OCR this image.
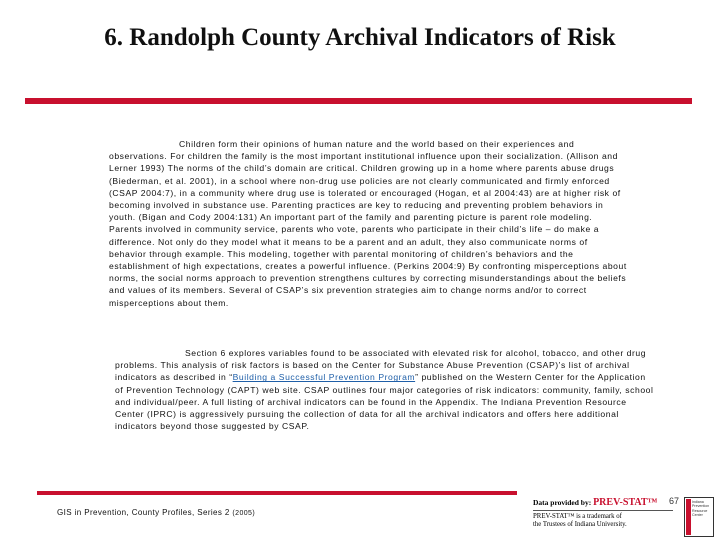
6. Randolph County Archival Indicators of Risk

Children form their opinions of human nature and the world based on their experiences and observations. For children the family is the most important institutional influence upon their socialization. (Allison and Lerner 1993) The norms of the child’s domain are critical. Children growing up in a home where parents abuse drugs (Biederman, et al. 2001), in a school where non-drug use policies are not clearly communicated and firmly enforced (CSAP 2004:7), in a community where drug use is tolerated or encouraged (Hogan, et al 2004:43) are at higher risk of becoming involved in substance use. Parenting practices are key to reducing and preventing problem behaviors in youth. (Bigan and Cody 2004:131) An important part of the family and parenting picture is parent role modeling. Parents involved in community service, parents who vote, parents who participate in their child’s life – do make a difference. Not only do they model what it means to be a parent and an adult, they also communicate norms of behavior through example. This modeling, together with parental monitoring of children’s behaviors and the establishment of high expectations, creates a powerful influence. (Perkins 2004:9) By confronting misperceptions about norms, the social norms approach to prevention strengthens cultures by correcting misunderstandings about the beliefs and values of its members. Several of CSAP’s six prevention strategies aim to change norms and/or to correct misperceptions about them.

Section 6 explores variables found to be associated with elevated risk for alcohol, tobacco, and other drug problems. This analysis of risk factors is based on the Center for Substance Abuse Prevention (CSAP)’s list of archival indicators as described in “Building a Successful Prevention Program” published on the Western Center for the Application of Prevention Technology (CAPT) web site. CSAP outlines four major categories of risk indicators: community, family, school and individual/peer. A full listing of archival indicators can be found in the Appendix. The Indiana Prevention Resource Center (IPRC) is aggressively pursuing the collection of data for all the archival indicators and offers here additional indicators beyond those suggested by CSAP.

GIS in Prevention, County Profiles, Series 2 (2005)
Data provided by: PREV-STAT™
PREV-STAT™ is a trademark of
the Trustees of Indiana University.
67	Indiana Prevention Resource Center
